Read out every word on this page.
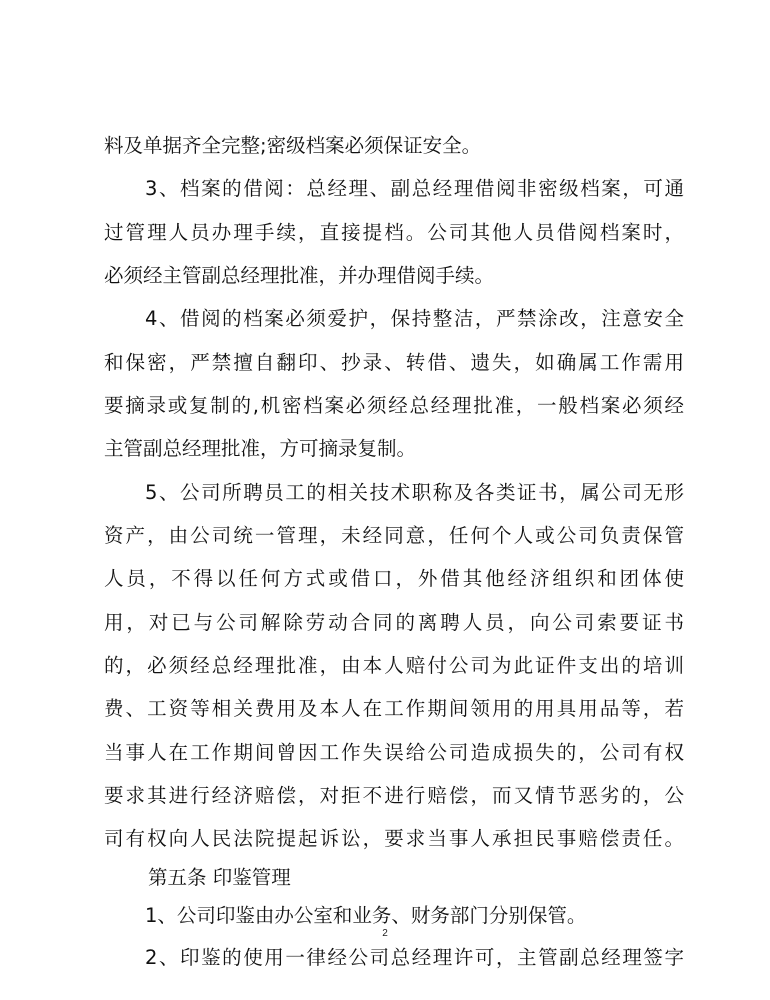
料及单据齐全完整;密级档案必须保证安全。
3、档案的借阅：总经理、副总经理借阅非密级档案，可通
过管理人员办理手续，直接提档。公司其他人员借阅档案时，
必须经主管副总经理批准，并办理借阅手续。
4、借阅的档案必须爱护，保持整洁，严禁涂改，注意安全
和保密，严禁擅自翻印、抄录、转借、遗失，如确属工作需用
要摘录或复制的,机密档案必须经总经理批准，一般档案必须经
主管副总经理批准，方可摘录复制。
5、公司所聘员工的相关技术职称及各类证书，属公司无形
资产，由公司统一管理，未经同意，任何个人或公司负责保管
人员，不得以任何方式或借口，外借其他经济组织和团体使
用，对已与公司解除劳动合同的离聘人员，向公司索要证书
的，必须经总经理批准，由本人赔付公司为此证件支出的培训
费、工资等相关费用及本人在工作期间领用的用具用品等，若
当事人在工作期间曾因工作失误给公司造成损失的，公司有权
要求其进行经济赔偿，对拒不进行赔偿，而又情节恶劣的，公
司有权向人民法院提起诉讼，要求当事人承担民事赔偿责任。
第五条 印鉴管理
1、公司印鉴由办公室和业务、财务部门分别保管。
2、印鉴的使用一律经公司总经理许可，主管副总经理签字
2
